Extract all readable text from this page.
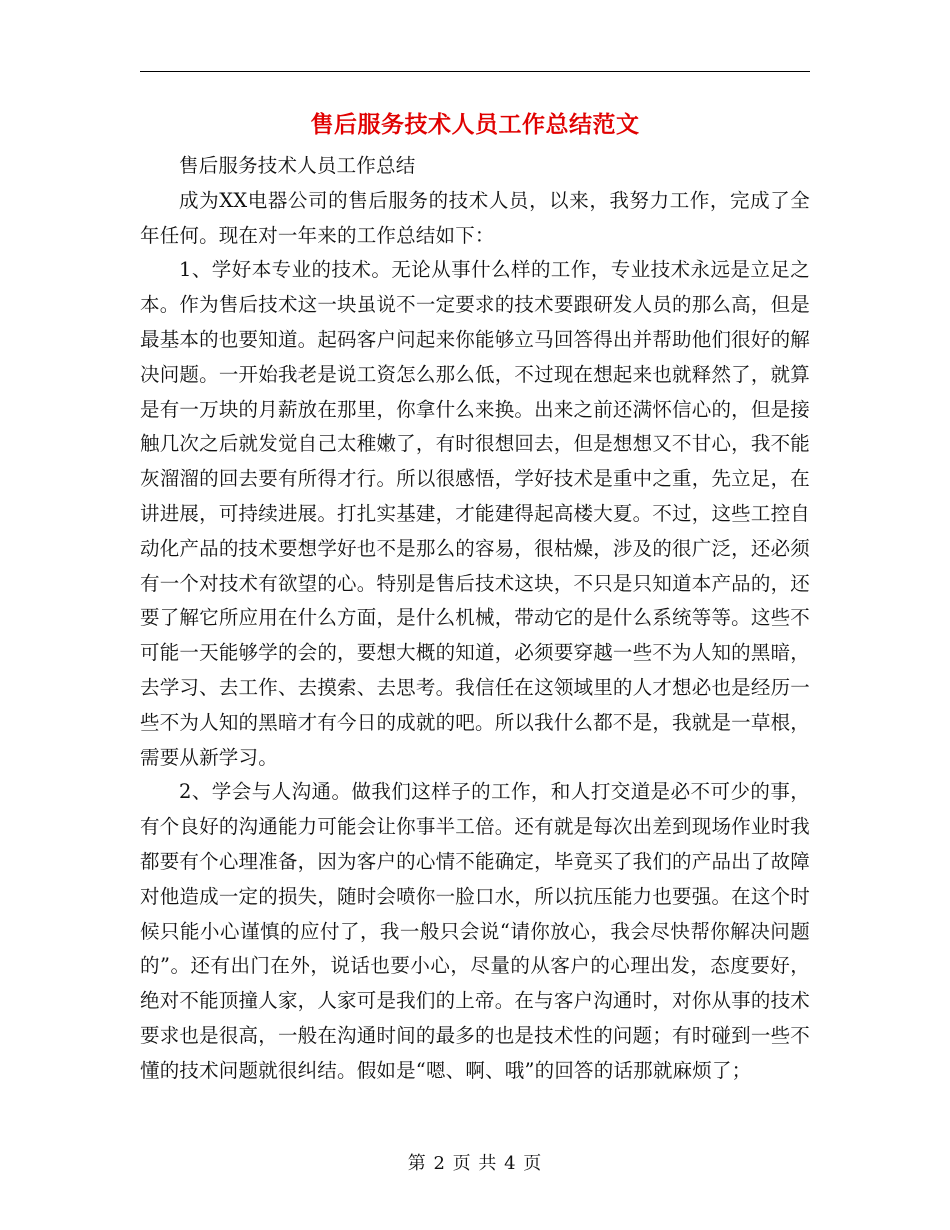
售后服务技术人员工作总结范文

售后服务技术人员工作总结

成为XX电器公司的售后服务的技术人员，以来，我努力工作，完成了全年任何。现在对一年来的工作总结如下：

1、学好本专业的技术。无论从事什么样的工作，专业技术永远是立足之本。作为售后技术这一块虽说不一定要求的技术要跟研发人员的那么高，但是最基本的也要知道。起码客户问起来你能够立马回答得出并帮助他们很好的解决问题。一开始我老是说工资怎么那么低，不过现在想起来也就释然了，就算是有一万块的月薪放在那里，你拿什么来换。出来之前还满怀信心的，但是接触几次之后就发觉自己太稚嫩了，有时很想回去，但是想想又不甘心，我不能灰溜溜的回去要有所得才行。所以很感悟，学好技术是重中之重，先立足，在讲进展，可持续进展。打扎实基建，才能建得起高楼大夏。不过，这些工控自动化产品的技术要想学好也不是那么的容易，很枯燥，涉及的很广泛，还必须有一个对技术有欲望的心。特别是售后技术这块，不只是只知道本产品的，还要了解它所应用在什么方面，是什么机械，带动它的是什么系统等等。这些不可能一天能够学的会的，要想大概的知道，必须要穿越一些不为人知的黑暗，去学习、去工作、去摸索、去思考。我信任在这领域里的人才想必也是经历一些不为人知的黑暗才有今日的成就的吧。所以我什么都不是，我就是一草根，需要从新学习。

2、学会与人沟通。做我们这样子的工作，和人打交道是必不可少的事，有个良好的沟通能力可能会让你事半工倍。还有就是每次出差到现场作业时我都要有个心理准备，因为客户的心情不能确定，毕竟买了我们的产品出了故障对他造成一定的损失，随时会喷你一脸口水，所以抗压能力也要强。在这个时候只能小心谨慎的应付了，我一般只会说“请你放心，我会尽快帮你解决问题的”。还有出门在外，说话也要小心，尽量的从客户的心理出发，态度要好，绝对不能顶撞人家，人家可是我们的上帝。在与客户沟通时，对你从事的技术要求也是很高，一般在沟通时间的最多的也是技术性的问题；有时碰到一些不懂的技术问题就很纠结。假如是“嗯、啊、哦”的回答的话那就麻烦了；

第 2 页 共 4 页
